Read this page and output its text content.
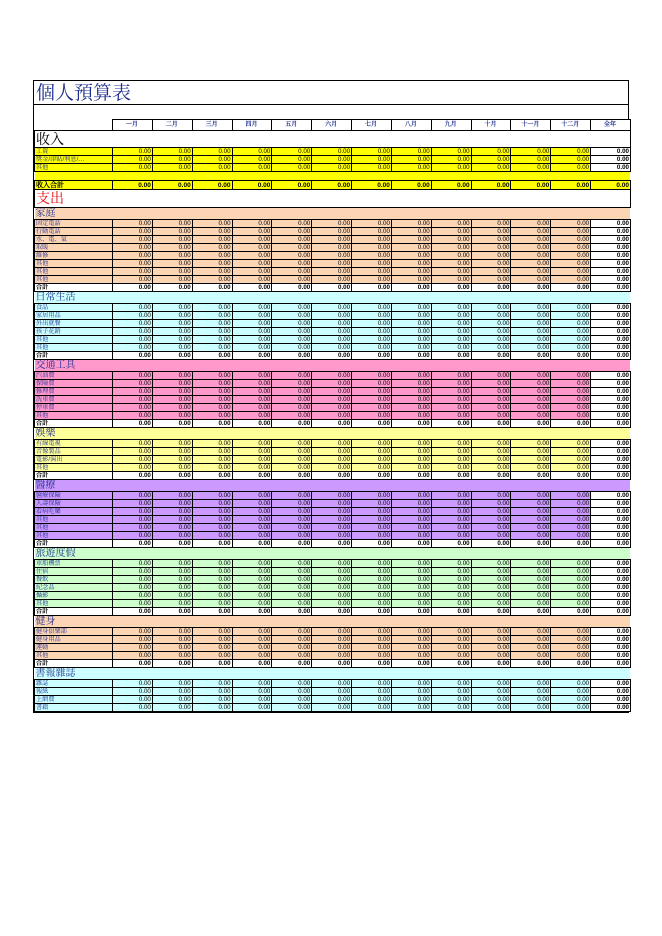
個人預算表
	一月	二月	三月	四月	五月	六月	七月	八月	九月	十月	十一月	十二月	全年
收入													
工資	0.00	0.00	0.00	0.00	0.00	0.00	0.00	0.00	0.00	0.00	0.00	0.00	0.00
獎金/津貼/利息/…	0.00	0.00	0.00	0.00	0.00	0.00	0.00	0.00	0.00	0.00	0.00	0.00	0.00
其他	0.00	0.00	0.00	0.00	0.00	0.00	0.00	0.00	0.00	0.00	0.00	0.00	0.00

收入合計	0.00	0.00	0.00	0.00	0.00	0.00	0.00	0.00	0.00	0.00	0.00	0.00	0.00
支出													
家庭													
固定電話	0.00	0.00	0.00	0.00	0.00	0.00	0.00	0.00	0.00	0.00	0.00	0.00	0.00
行動電話	0.00	0.00	0.00	0.00	0.00	0.00	0.00	0.00	0.00	0.00	0.00	0.00	0.00
水、電、氣	0.00	0.00	0.00	0.00	0.00	0.00	0.00	0.00	0.00	0.00	0.00	0.00	0.00
取暖	0.00	0.00	0.00	0.00	0.00	0.00	0.00	0.00	0.00	0.00	0.00	0.00	0.00
維修	0.00	0.00	0.00	0.00	0.00	0.00	0.00	0.00	0.00	0.00	0.00	0.00	0.00
其他	0.00	0.00	0.00	0.00	0.00	0.00	0.00	0.00	0.00	0.00	0.00	0.00	0.00
其他	0.00	0.00	0.00	0.00	0.00	0.00	0.00	0.00	0.00	0.00	0.00	0.00	0.00
其他	0.00	0.00	0.00	0.00	0.00	0.00	0.00	0.00	0.00	0.00	0.00	0.00	0.00
合計	0.00	0.00	0.00	0.00	0.00	0.00	0.00	0.00	0.00	0.00	0.00	0.00	0.00
日常生活													
食品	0.00	0.00	0.00	0.00	0.00	0.00	0.00	0.00	0.00	0.00	0.00	0.00	0.00
家居用品	0.00	0.00	0.00	0.00	0.00	0.00	0.00	0.00	0.00	0.00	0.00	0.00	0.00
外出就餐	0.00	0.00	0.00	0.00	0.00	0.00	0.00	0.00	0.00	0.00	0.00	0.00	0.00
孩子花銷	0.00	0.00	0.00	0.00	0.00	0.00	0.00	0.00	0.00	0.00	0.00	0.00	0.00
其他	0.00	0.00	0.00	0.00	0.00	0.00	0.00	0.00	0.00	0.00	0.00	0.00	0.00
其他	0.00	0.00	0.00	0.00	0.00	0.00	0.00	0.00	0.00	0.00	0.00	0.00	0.00
合計	0.00	0.00	0.00	0.00	0.00	0.00	0.00	0.00	0.00	0.00	0.00	0.00	0.00
交通工具													
汽油費	0.00	0.00	0.00	0.00	0.00	0.00	0.00	0.00	0.00	0.00	0.00	0.00	0.00
保險費	0.00	0.00	0.00	0.00	0.00	0.00	0.00	0.00	0.00	0.00	0.00	0.00	0.00
修理費	0.00	0.00	0.00	0.00	0.00	0.00	0.00	0.00	0.00	0.00	0.00	0.00	0.00
洗車費	0.00	0.00	0.00	0.00	0.00	0.00	0.00	0.00	0.00	0.00	0.00	0.00	0.00
停車費	0.00	0.00	0.00	0.00	0.00	0.00	0.00	0.00	0.00	0.00	0.00	0.00	0.00
其他	0.00	0.00	0.00	0.00	0.00	0.00	0.00	0.00	0.00	0.00	0.00	0.00	0.00
合計	0.00	0.00	0.00	0.00	0.00	0.00	0.00	0.00	0.00	0.00	0.00	0.00	0.00
娛樂													
有線電視	0.00	0.00	0.00	0.00	0.00	0.00	0.00	0.00	0.00	0.00	0.00	0.00	0.00
音像製品	0.00	0.00	0.00	0.00	0.00	0.00	0.00	0.00	0.00	0.00	0.00	0.00	0.00
電影/演出	0.00	0.00	0.00	0.00	0.00	0.00	0.00	0.00	0.00	0.00	0.00	0.00	0.00
其他	0.00	0.00	0.00	0.00	0.00	0.00	0.00	0.00	0.00	0.00	0.00	0.00	0.00
合計	0.00	0.00	0.00	0.00	0.00	0.00	0.00	0.00	0.00	0.00	0.00	0.00	0.00
醫療													
醫療保險	0.00	0.00	0.00	0.00	0.00	0.00	0.00	0.00	0.00	0.00	0.00	0.00	0.00
人壽保險	0.00	0.00	0.00	0.00	0.00	0.00	0.00	0.00	0.00	0.00	0.00	0.00	0.00
看病吃藥	0.00	0.00	0.00	0.00	0.00	0.00	0.00	0.00	0.00	0.00	0.00	0.00	0.00
其他	0.00	0.00	0.00	0.00	0.00	0.00	0.00	0.00	0.00	0.00	0.00	0.00	0.00
其他	0.00	0.00	0.00	0.00	0.00	0.00	0.00	0.00	0.00	0.00	0.00	0.00	0.00
其他	0.00	0.00	0.00	0.00	0.00	0.00	0.00	0.00	0.00	0.00	0.00	0.00	0.00
合計	0.00	0.00	0.00	0.00	0.00	0.00	0.00	0.00	0.00	0.00	0.00	0.00	0.00
旅遊度假													
車船機票	0.00	0.00	0.00	0.00	0.00	0.00	0.00	0.00	0.00	0.00	0.00	0.00	0.00
住宿	0.00	0.00	0.00	0.00	0.00	0.00	0.00	0.00	0.00	0.00	0.00	0.00	0.00
餐飲	0.00	0.00	0.00	0.00	0.00	0.00	0.00	0.00	0.00	0.00	0.00	0.00	0.00
紀念品	0.00	0.00	0.00	0.00	0.00	0.00	0.00	0.00	0.00	0.00	0.00	0.00	0.00
攝影	0.00	0.00	0.00	0.00	0.00	0.00	0.00	0.00	0.00	0.00	0.00	0.00	0.00
其他	0.00	0.00	0.00	0.00	0.00	0.00	0.00	0.00	0.00	0.00	0.00	0.00	0.00
合計	0.00	0.00	0.00	0.00	0.00	0.00	0.00	0.00	0.00	0.00	0.00	0.00	0.00
健身													
健身俱樂部	0.00	0.00	0.00	0.00	0.00	0.00	0.00	0.00	0.00	0.00	0.00	0.00	0.00
健身用品	0.00	0.00	0.00	0.00	0.00	0.00	0.00	0.00	0.00	0.00	0.00	0.00	0.00
運動	0.00	0.00	0.00	0.00	0.00	0.00	0.00	0.00	0.00	0.00	0.00	0.00	0.00
其他	0.00	0.00	0.00	0.00	0.00	0.00	0.00	0.00	0.00	0.00	0.00	0.00	0.00
合計	0.00	0.00	0.00	0.00	0.00	0.00	0.00	0.00	0.00	0.00	0.00	0.00	0.00
書報雜誌													
雜誌	0.00	0.00	0.00	0.00	0.00	0.00	0.00	0.00	0.00	0.00	0.00	0.00	0.00
報紙	0.00	0.00	0.00	0.00	0.00	0.00	0.00	0.00	0.00	0.00	0.00	0.00	0.00
上網費	0.00	0.00	0.00	0.00	0.00	0.00	0.00	0.00	0.00	0.00	0.00	0.00	0.00
書籍	0.00	0.00	0.00	0.00	0.00	0.00	0.00	0.00	0.00	0.00	0.00	0.00	0.00
